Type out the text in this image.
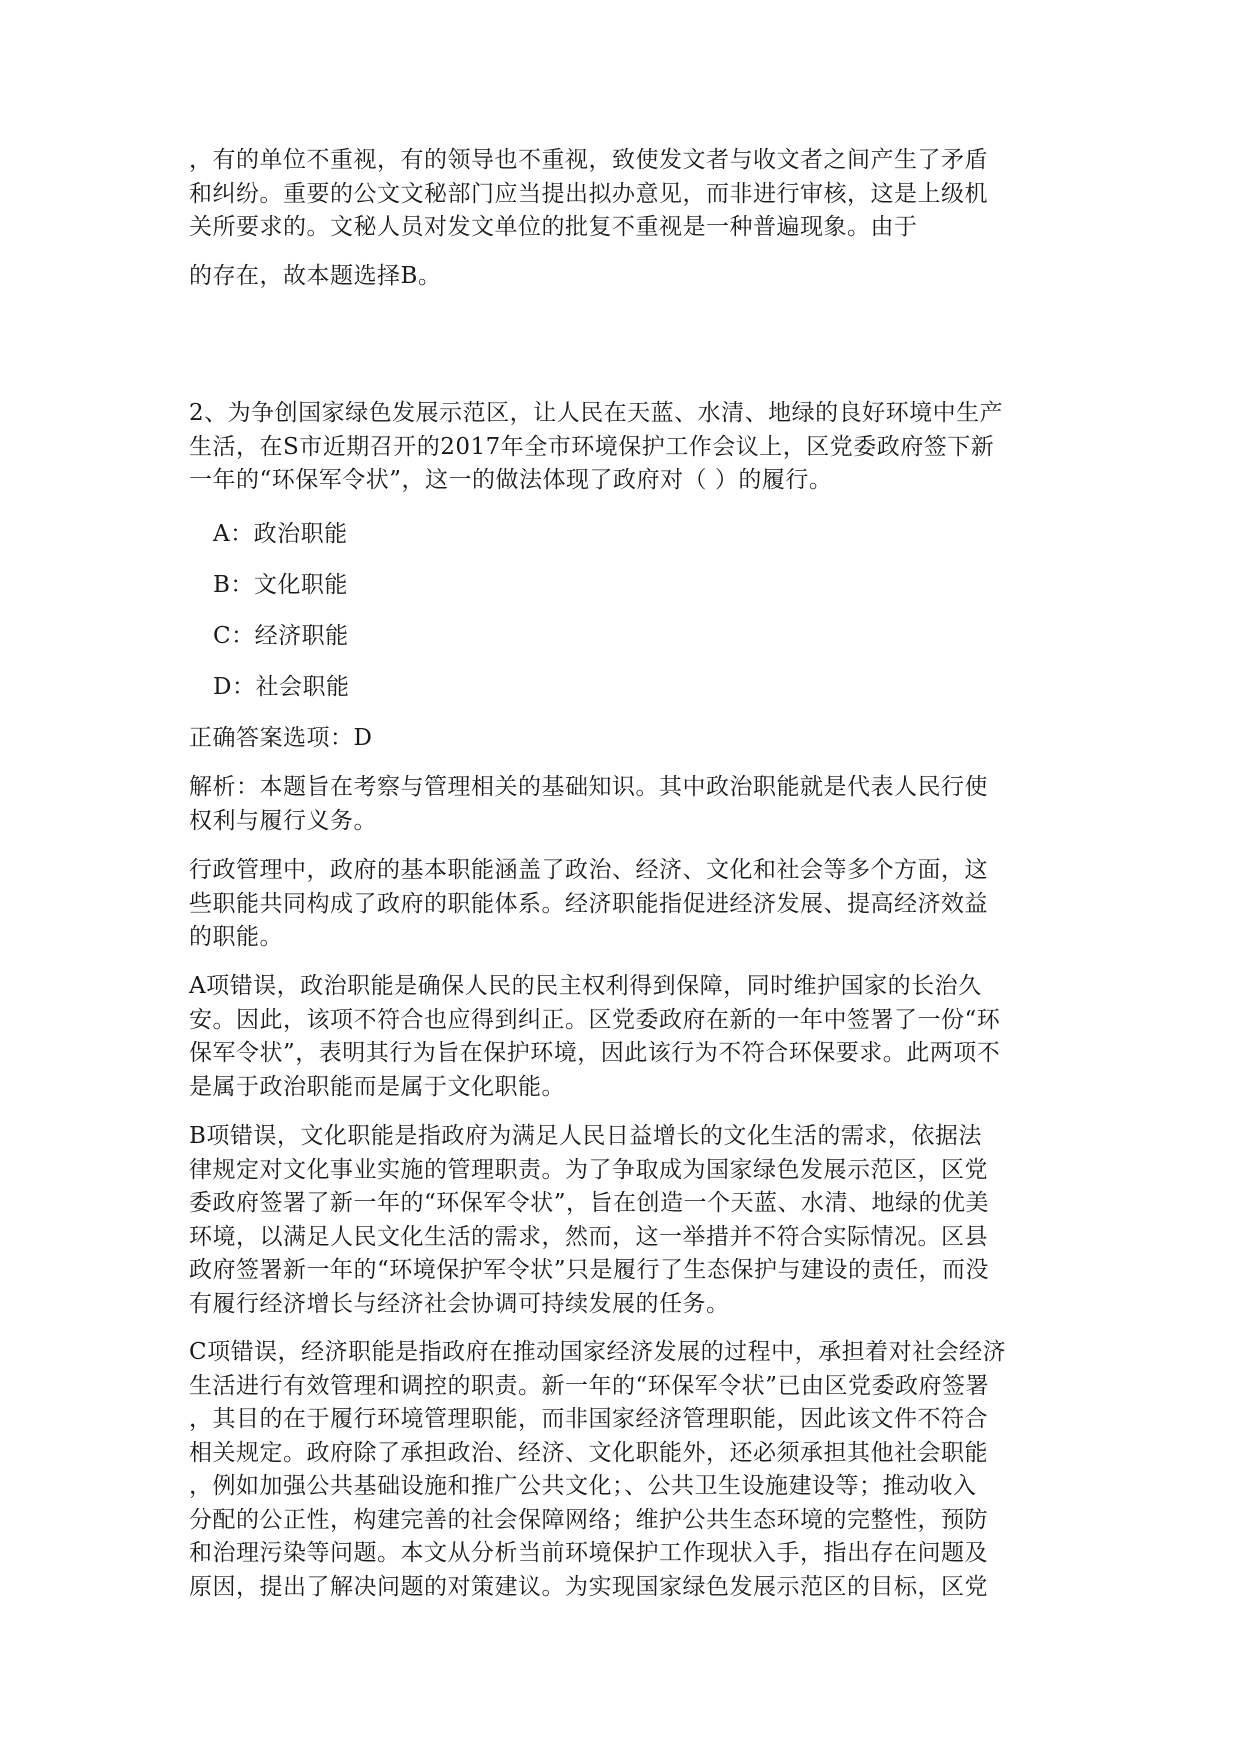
，有的单位不重视，有的领导也不重视，致使发文者与收文者之间产生了矛盾
和纠纷。重要的公文文秘部门应当提出拟办意见，而非进行审核，这是上级机
关所要求的。文秘人员对发文单位的批复不重视是一种普遍现象。由于

的存在，故本题选择B。

2、为争创国家绿色发展示范区，让人民在天蓝、水清、地绿的良好环境中生产
生活，在S市近期召开的2017年全市环境保护工作会议上，区党委政府签下新
一年的“环保军令状”，这一的做法体现了政府对（ ）的履行。

A：政治职能

B：文化职能

C：经济职能

D：社会职能

正确答案选项：D

解析：本题旨在考察与管理相关的基础知识。其中政治职能就是代表人民行使
权利与履行义务。

行政管理中，政府的基本职能涵盖了政治、经济、文化和社会等多个方面，这
些职能共同构成了政府的职能体系。经济职能指促进经济发展、提高经济效益
的职能。

A项错误，政治职能是确保人民的民主权利得到保障，同时维护国家的长治久
安。因此，该项不符合也应得到纠正。区党委政府在新的一年中签署了一份“环
保军令状”，表明其行为旨在保护环境，因此该行为不符合环保要求。此两项不
是属于政治职能而是属于文化职能。

B项错误，文化职能是指政府为满足人民日益增长的文化生活的需求，依据法
律规定对文化事业实施的管理职责。为了争取成为国家绿色发展示范区，区党
委政府签署了新一年的“环保军令状”，旨在创造一个天蓝、水清、地绿的优美
环境，以满足人民文化生活的需求，然而，这一举措并不符合实际情况。区县
政府签署新一年的“环境保护军令状”只是履行了生态保护与建设的责任，而没
有履行经济增长与经济社会协调可持续发展的任务。

C项错误，经济职能是指政府在推动国家经济发展的过程中，承担着对社会经济
生活进行有效管理和调控的职责。新一年的“环保军令状”已由区党委政府签署
，其目的在于履行环境管理职能，而非国家经济管理职能，因此该文件不符合
相关规定。政府除了承担政治、经济、文化职能外，还必须承担其他社会职能
，例如加强公共基础设施和推广公共文化；、公共卫生设施建设等；推动收入
分配的公正性，构建完善的社会保障网络；维护公共生态环境的完整性，预防
和治理污染等问题。本文从分析当前环境保护工作现状入手，指出存在问题及
原因，提出了解决问题的对策建议。为实现国家绿色发展示范区的目标，区党
